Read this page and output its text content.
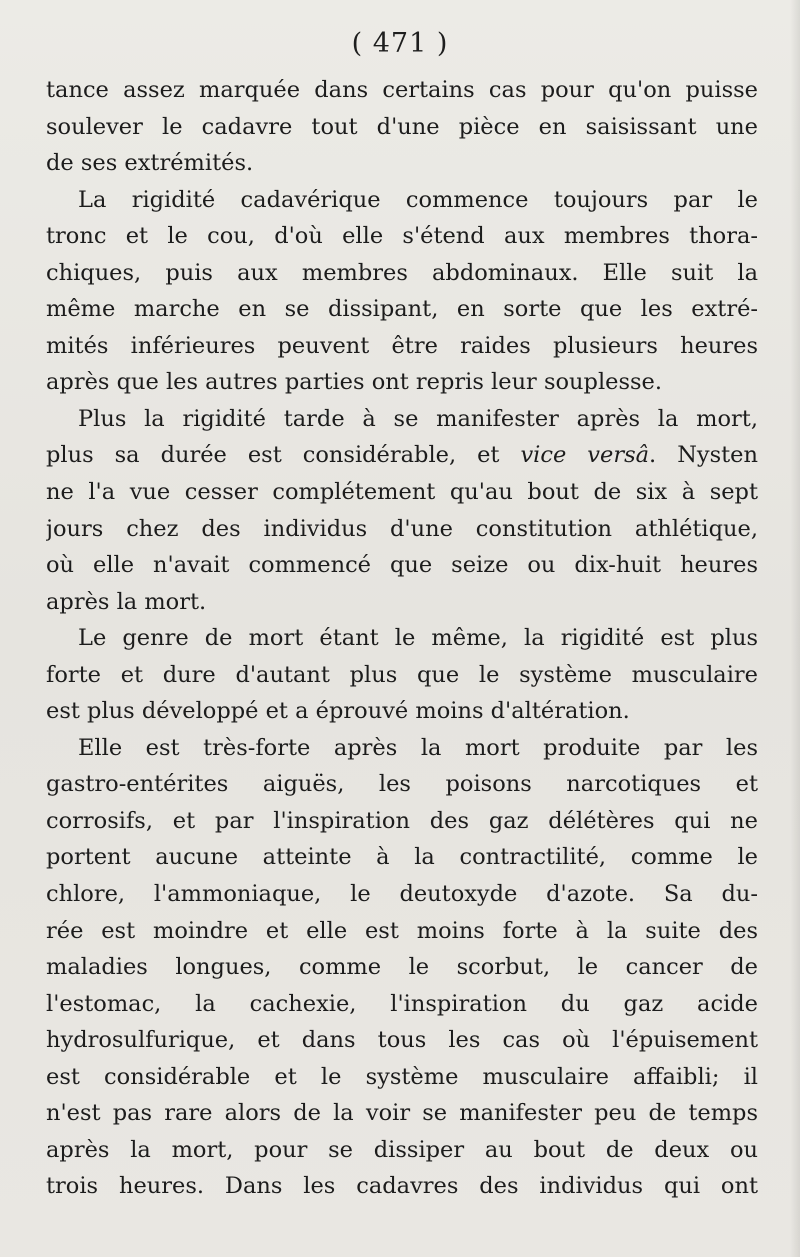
( 471 )
tance assez marquée dans certains cas pour qu'on puisse
soulever le cadavre tout d'une pièce en saisissant une
de ses extrémités.
La rigidité cadavérique commence toujours par le
tronc et le cou, d'où elle s'étend aux membres thora-
chiques, puis aux membres abdominaux. Elle suit la
même marche en se dissipant, en sorte que les extré-
mités inférieures peuvent être raides plusieurs heures
après que les autres parties ont repris leur souplesse.
Plus la rigidité tarde à se manifester après la mort,
plus sa durée est considérable, et vice versâ. Nysten
ne l'a vue cesser complétement qu'au bout de six à sept
jours chez des individus d'une constitution athlétique,
où elle n'avait commencé que seize ou dix-huit heures
après la mort.
Le genre de mort étant le même, la rigidité est plus
forte et dure d'autant plus que le système musculaire
est plus développé et a éprouvé moins d'altération.
Elle est très-forte après la mort produite par les
gastro-entérites aiguës, les poisons narcotiques et
corrosifs, et par l'inspiration des gaz délétères qui ne
portent aucune atteinte à la contractilité, comme le
chlore, l'ammoniaque, le deutoxyde d'azote. Sa du-
rée est moindre et elle est moins forte à la suite des
maladies longues, comme le scorbut, le cancer de
l'estomac, la cachexie, l'inspiration du gaz acide
hydrosulfurique, et dans tous les cas où l'épuisement
est considérable et le système musculaire affaibli; il
n'est pas rare alors de la voir se manifester peu de temps
après la mort, pour se dissiper au bout de deux ou
trois heures. Dans les cadavres des individus qui ont
